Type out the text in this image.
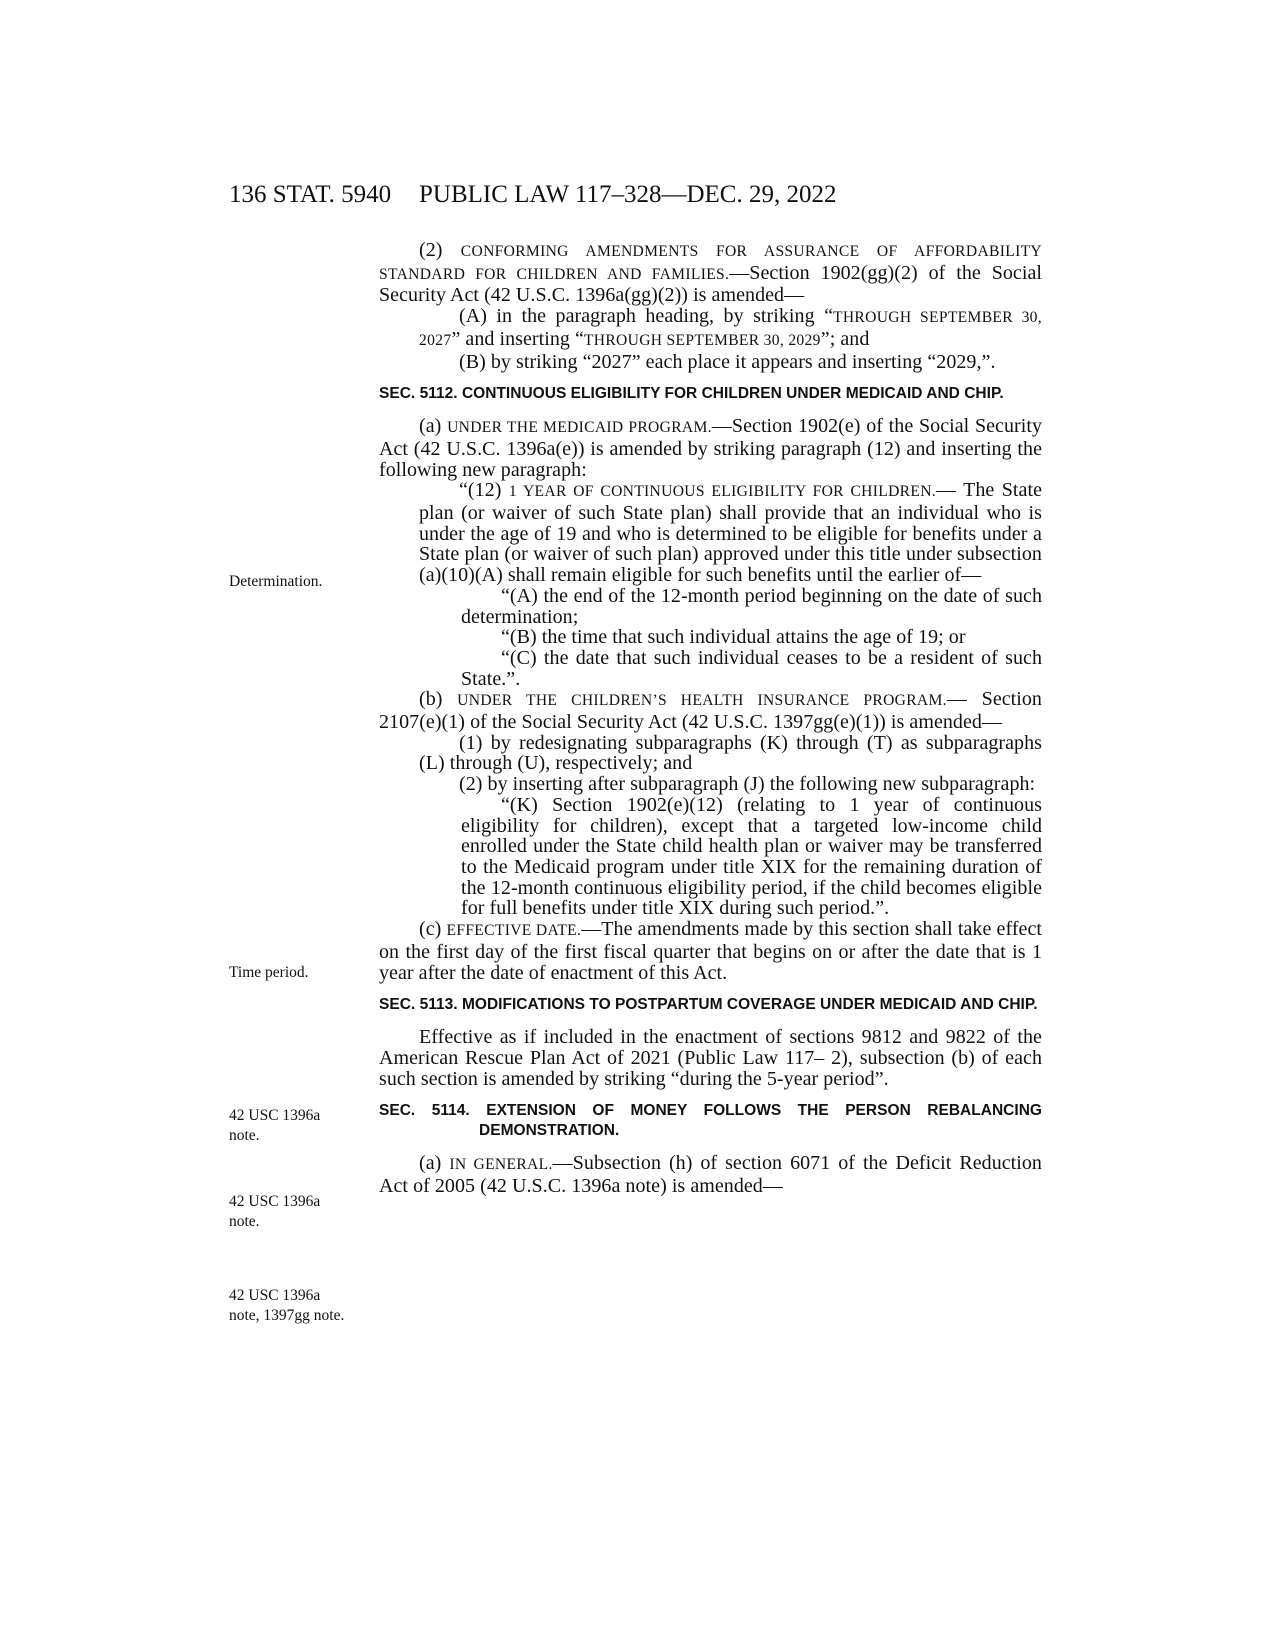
136 STAT. 5940 PUBLIC LAW 117–328—DEC. 29, 2022
Determination.
Time period.
42 USC 1396a note.
42 USC 1396a note.
42 USC 1396a note, 1397gg note.

(2) CONFORMING AMENDMENTS FOR ASSURANCE OF AFFORDABILITY STANDARD FOR CHILDREN AND FAMILIES.—Section 1902(gg)(2) of the Social Security Act (42 U.S.C. 1396a(gg)(2)) is amended—

(A) in the paragraph heading, by striking “THROUGH SEPTEMBER 30, 2027” and inserting “THROUGH SEPTEMBER 30, 2029”; and

(B) by striking “2027” each place it appears and inserting “2029,”.

SEC. 5112. CONTINUOUS ELIGIBILITY FOR CHILDREN UNDER MEDICAID AND CHIP.

(a) UNDER THE MEDICAID PROGRAM.—Section 1902(e) of the Social Security Act (42 U.S.C. 1396a(e)) is amended by striking paragraph (12) and inserting the following new paragraph:

“(12) 1 YEAR OF CONTINUOUS ELIGIBILITY FOR CHILDREN.— The State plan (or waiver of such State plan) shall provide that an individual who is under the age of 19 and who is determined to be eligible for benefits under a State plan (or waiver of such plan) approved under this title under subsection (a)(10)(A) shall remain eligible for such benefits until the earlier of—

“(A) the end of the 12-month period beginning on the date of such determination;

“(B) the time that such individual attains the age of 19; or

“(C) the date that such individual ceases to be a resident of such State.”.

(b) UNDER THE CHILDREN’S HEALTH INSURANCE PROGRAM.— Section 2107(e)(1) of the Social Security Act (42 U.S.C. 1397gg(e)(1)) is amended—

(1) by redesignating subparagraphs (K) through (T) as subparagraphs (L) through (U), respectively; and

(2) by inserting after subparagraph (J) the following new subparagraph:

“(K) Section 1902(e)(12) (relating to 1 year of continuous eligibility for children), except that a targeted low-income child enrolled under the State child health plan or waiver may be transferred to the Medicaid program under title XIX for the remaining duration of the 12-month continuous eligibility period, if the child becomes eligible for full benefits under title XIX during such period.”.

(c) EFFECTIVE DATE.—The amendments made by this section shall take effect on the first day of the first fiscal quarter that begins on or after the date that is 1 year after the date of enactment of this Act.

SEC. 5113. MODIFICATIONS TO POSTPARTUM COVERAGE UNDER MEDICAID AND CHIP.

Effective as if included in the enactment of sections 9812 and 9822 of the American Rescue Plan Act of 2021 (Public Law 117– 2), subsection (b) of each such section is amended by striking “during the 5-year period”.

SEC. 5114. EXTENSION OF MONEY FOLLOWS THE PERSON REBALANCING DEMONSTRATION.

(a) IN GENERAL.—Subsection (h) of section 6071 of the Deficit Reduction Act of 2005 (42 U.S.C. 1396a note) is amended—
